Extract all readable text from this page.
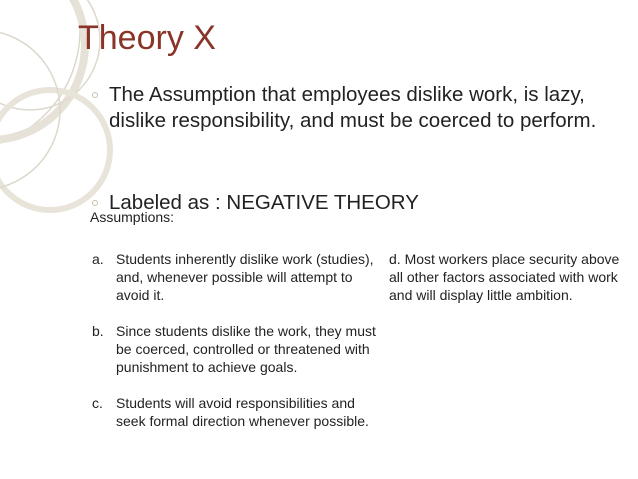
Theory X

The Assumption that employees dislike work, is lazy, dislike responsibility, and must be coerced to perform.

Labeled as : NEGATIVE THEORY
Assumptions:
a. Students inherently dislike work (studies), and, whenever possible will attempt to avoid it.
b. Since students dislike the work, they must be coerced, controlled or threatened with punishment to achieve goals.
c. Students will avoid responsibilities and seek formal direction whenever possible.
d. Most workers place security above all other factors associated with work and will display little ambition.
